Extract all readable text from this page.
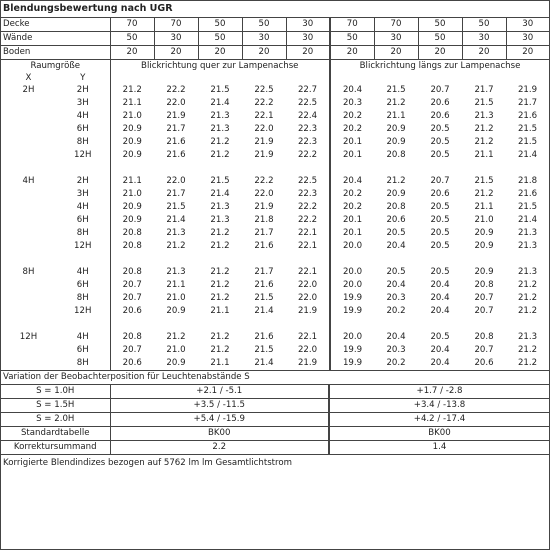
Blendungsbewertung nach UGR
Decke	70	70	50	50	30	70	70	50	50	30
Wände	50	30	50	30	30	50	30	50	30	30
Boden	20	20	20	20	20	20	20	20	20	20
Raumgröße		Blickrichtung quer zur Lampenachse					Blickrichtung längs zur Lampenachse				
X	Y										
2H	2H	21.2	22.2	21.5	22.5	22.7	20.4	21.5	20.7	21.7	21.9
	3H	21.1	22.0	21.4	22.2	22.5	20.3	21.2	20.6	21.5	21.7
	4H	21.0	21.9	21.3	22.1	22.4	20.2	21.1	20.6	21.3	21.6
	6H	20.9	21.7	21.3	22.0	22.3	20.2	20.9	20.5	21.2	21.5
	8H	20.9	21.6	21.2	21.9	22.3	20.1	20.9	20.5	21.2	21.5
	12H	20.9	21.6	21.2	21.9	22.2	20.1	20.8	20.5	21.1	21.4

4H	2H	21.1	22.0	21.5	22.2	22.5	20.4	21.2	20.7	21.5	21.8
	3H	21.0	21.7	21.4	22.0	22.3	20.2	20.9	20.6	21.2	21.6
	4H	20.9	21.5	21.3	21.9	22.2	20.2	20.8	20.5	21.1	21.5
	6H	20.9	21.4	21.3	21.8	22.2	20.1	20.6	20.5	21.0	21.4
	8H	20.8	21.3	21.2	21.7	22.1	20.1	20.5	20.5	20.9	21.3
	12H	20.8	21.2	21.2	21.6	22.1	20.0	20.4	20.5	20.9	21.3

8H	4H	20.8	21.3	21.2	21.7	22.1	20.0	20.5	20.5	20.9	21.3
	6H	20.7	21.1	21.2	21.6	22.0	20.0	20.4	20.4	20.8	21.2
	8H	20.7	21.0	21.2	21.5	22.0	19.9	20.3	20.4	20.7	21.2
	12H	20.6	20.9	21.1	21.4	21.9	19.9	20.2	20.4	20.7	21.2

12H	4H	20.8	21.2	21.2	21.6	22.1	20.0	20.4	20.5	20.8	21.3
	6H	20.7	21.0	21.2	21.5	22.0	19.9	20.3	20.4	20.7	21.2
	8H	20.6	20.9	21.1	21.4	21.9	19.9	20.2	20.4	20.6	21.2
Variation der Beobachterposition für Leuchtenabstände S
S = 1.0H	+2.1 / -5.1	+1.7 / -2.8
S = 1.5H	+3.5 / -11.5	+3.4 / -13.8
S = 2.0H	+5.4 / -15.9	+4.2 / -17.4
Standardtabelle	BK00	BK00
Korrektursummand	2.2	1.4
Korrigierte Blendindizes bezogen auf 5762 lm lm Gesamtlichtstrom
